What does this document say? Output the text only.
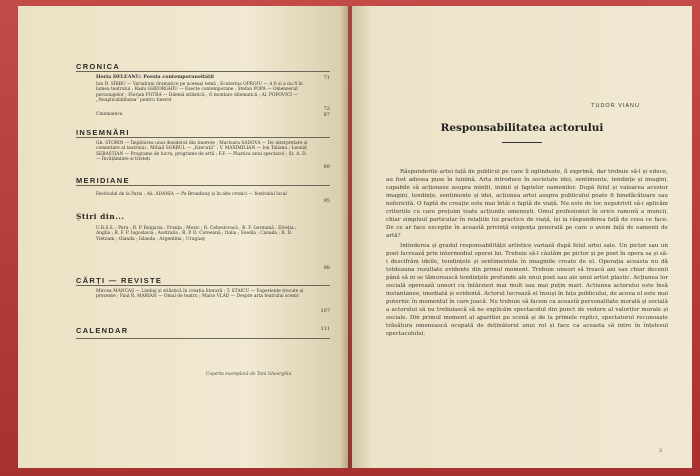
CRONICA
Horia DELEANU: Poezia contemporaneității	71
Ion D. SÎRBU — Variațiuni dramatice pe aceeași temă ; Ecaterina OPROIU — A fi și a nu fi în lumea teatrului ; Radu GHEORGHIU — Eșecte contemporane ; Ștefan POPA — Omenescul personajelor ; Florian POTRA — Dilemă stilistică ; O montare dilematică ; Al. POPOVICI — „Neaplicabilitatea” pentru tineret
72
Cinemateca	87
INSEMNĂRI
Gh. STORIN — Împlinirea unui deziderat din tinerețe ; Marioara SADOVA — De interpretare și comentare al teatrului ; Mihail SORBUL — „Execuții” ; V. MAXIMILIAN — Ion Talianu ; Leonid SEBASTIAN — Programe de lucru, programe de artă ; F.F. — Plastica unui spectacol ; Șt. A. D. — Învățăminte și tristeți
89
MERIDIANE
Festivalul de la Paris ; Aii. ADANIA — Pe Broadway și în alte cronici — festivalul local
95
Știri din...
U.R.S.S. ; Peru ; R. P. Bulgaria ; Franța ; Mexic ; R. Cehoslovacă ; R. F. Germană ; Elveția ; Anglia ; R. F. P. Iugoslavia ; Australia ; R. P. D. Coreeană ; Italia ; Suedia ; Canada ; R. D. Vietnam ; Olanda ; Islanda ; Argentina ; Uruguay
98
CĂRȚI — REVISTE
Mircea MANCAȘ — Limbaj și stilistică în creația literară ; T. STAICU — Experiențe trecute și prezente ; Paul R. MARIAN — Omul de teatru ; Mario VLAD — Despre arta teatrului scenic
107
CALENDAR	111
Coperta exemplară de Toni Gheorghiu
TUDOR VIANU
Responsabilitatea actorului

Răspunderile artei față de publicul pe care îl oglindește, îl exprimă, dar trebuie să-l și educe, au fost adesea puse în lumină. Arta introduce în societate idei, sentimente, tendințe și imagini, capabile să acționeze asupra minții, inimii și faptelor oamenilor. După felul și valoarea acestor imagini, tendințe, sentimente și idei, acțiunea artei asupra publicului poate fi binefăcătoare sau nefericită. O faptă de creație este mai întâi o faptă de viață. Nu este de loc nepotrivit să-i aplicăm criteriile cu care prețuim toate acțiunile omenești. Omul profesionist în orice ramură a muncii, chiar simpluul particular în relațiile lui practice de viață, își ia răspunderea față de ceea ce face. De ce ar face excepție în această privință exigența generală pe care o avem față de oamenii de artă?

Intinderea și gradul responsabilității artistice variază după felul artei sale. Un pictor sau un poet lucrează prin intermediul operei lui. Trebuie să-l căutăm pe pictor și pe poet în opera sa și să-i descifrăm ideile, tendințele și sentimentele în imaginile create de el. Operația aceasta nu dă totdeauna rezultate evidente din primul moment. Trebuie uneori să treacă ani sau chiar decenii până să ni se lămurească tendințele profunde ale unui poet sau ale unui artist plastic. Acțiunea lor socială operează uneori cu întârzieri mai mult sau mai puțin mari. Actiunea actorului este însă instantanee, imediată și evidentă. Actorul lucrează el însuși în fața publicului, de aceea el este mai puternic în momentul în care joacă. Nu trebuie să facem ca această personalitate morală și socială a actorului să nu trebuiască să ne explicăm spectacolul din punct de vedere al valorilor morale și sociale. Din primul moment al aparitiei pe scenă și de la primele replici, spectatorul recunoaște trăsătura omenească ocupată de deținătorul unui rol și face ca aceasta să intre în înțelesul spectacolului.

3
